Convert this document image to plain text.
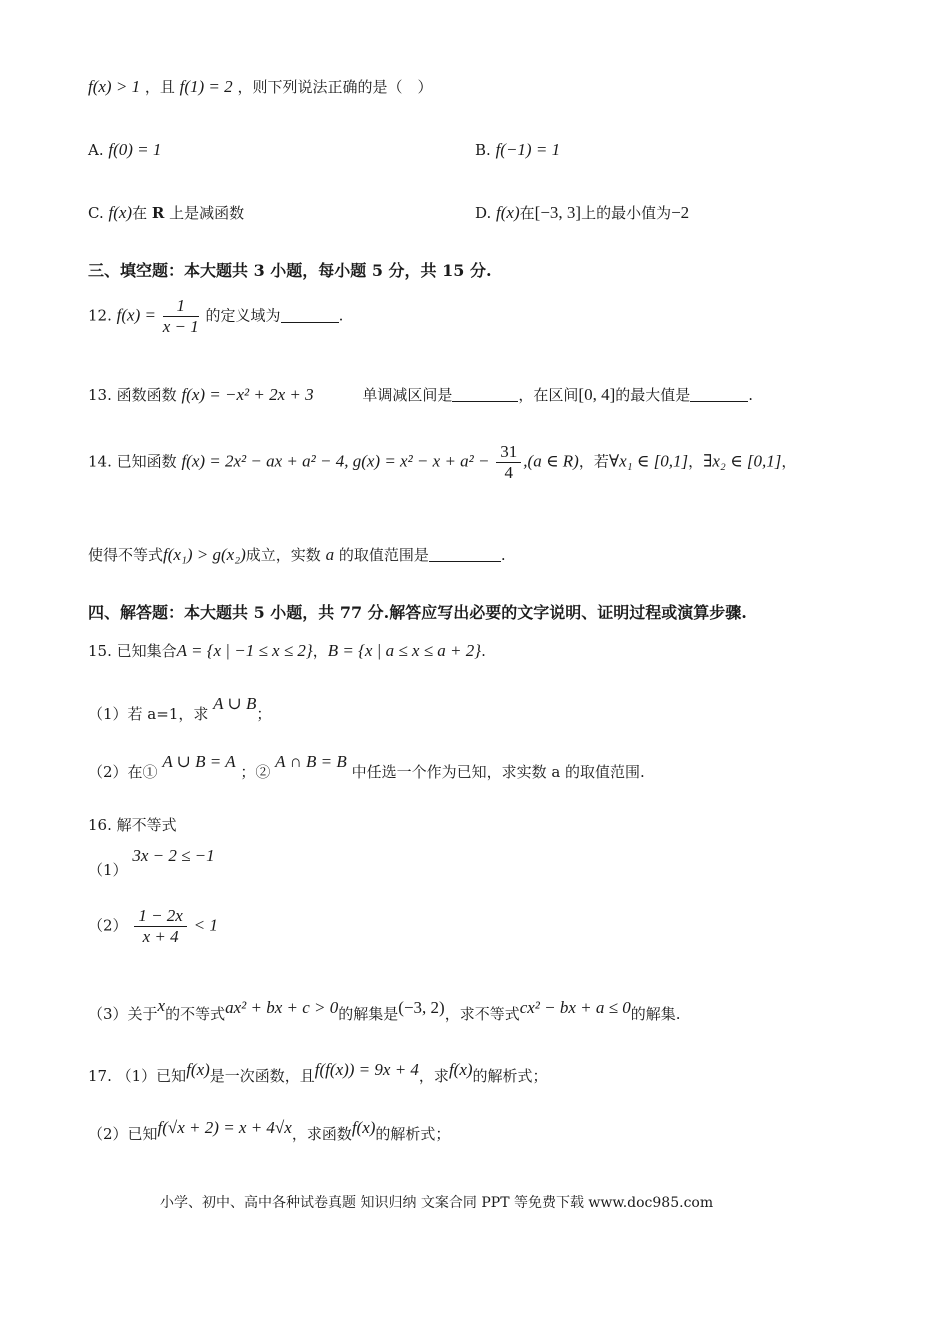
f(x) > 1 ，且 f(1) = 2 ，则下列说法正确的是（　）
A. f(0) = 1	B. f(−1) = 1
C. f(x)在 R 上是减函数	D. f(x)在[−3, 3]上的最小值为−2
三、填空题：本大题共 3 小题，每小题 5 分，共 15 分.
12. $f(x) = \frac{1}{x - 1}$ 的定义域为	.
13. 函数函数 f(x) = −x² + 2x + 3	单调减区间是	，在区间[0, 4]的最大值是	.
14. 已知函数 f(x) = 2x² − ax + a² − 4, $g(x) = x^2 - x + a^2 - \frac{31}{4} ,(a$ ∈ R)，若∀x₁ ∈ [0,1]，∃x₂ ∈ [0,1]，
使得不等式f(x₁) > g(x₂)成立，实数 a 的取值范围是	.
四、解答题：本大题共 5 小题，共 77 分.解答应写出必要的文字说明、证明过程或演算步骤.
15. 已知集合A = {x | −1 ≤ x ≤ 2}，B = {x | a ≤ x ≤ a + 2}.
（1）若 a=1，求 A ∪ B；
（2）在① A ∪ B = A ；② A ∩ B = B 中任选一个作为已知，求实数 a 的取值范围.
16. 解不等式
（1） 3x − 2 ≤ −1
$(2) \frac{1 - 2x}{x + 4} < 1$
（3）关于x的不等式ax² + bx + c > 0的解集是(−3, 2)，求不等式cx² − bx + a ≤ 0的解集.
17. （1）已知f(x)是一次函数，且f(f(x)) = 9x + 4，求f(x)的解析式；
（2）已知f(√x + 2) = x + 4√x，求函数f(x)的解析式；
小学、初中、高中各种试卷真题 知识归纳 文案合同 PPT 等免费下载 www.doc985.com
